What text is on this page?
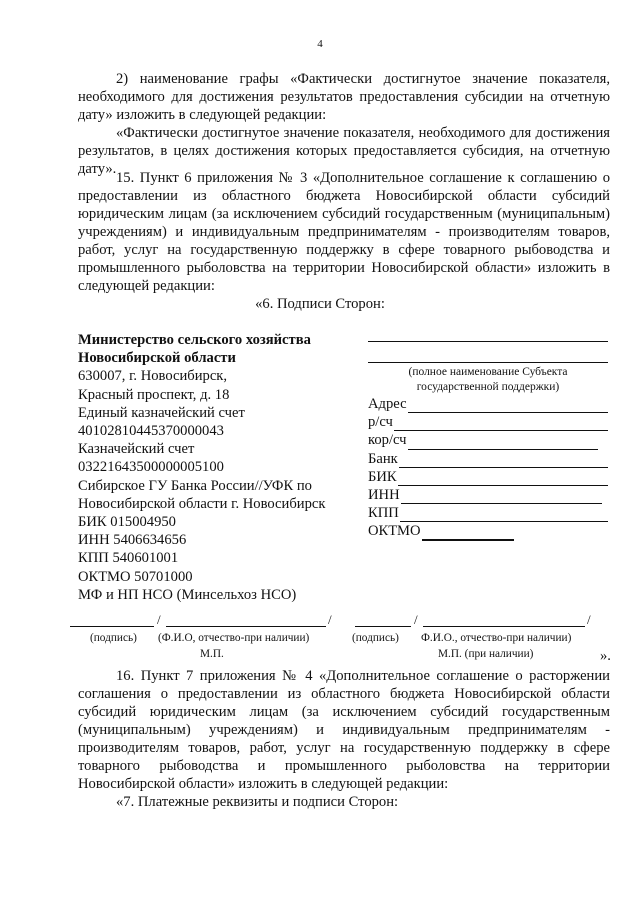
4

2) наименование графы «Фактически достигнутое значение показателя, необходимого для достижения результатов предоставления субсидии на отчетную дату» изложить в следующей редакции:

«Фактически достигнутое значение показателя, необходимого для достижения результатов, в целях достижения которых предоставляется субсидия, на отчетную дату».

15. Пункт 6 приложения № 3 «Дополнительное соглашение к соглашению о предоставлении из областного бюджета Новосибирской области субсидий юридическим лицам (за исключением субсидий государственным (муниципальным) учреждениям) и индивидуальным предпринимателям - производителям товаров, работ, услуг на государственную поддержку в сфере товарного рыбоводства и промышленного рыболовства на территории Новосибирской области» изложить в следующей редакции:

«6. Подписи Сторон:
Министерство сельского хозяйства
Новосибирской области
630007, г. Новосибирск,
Красный проспект, д. 18
Единый казначейский счет
40102810445370000043
Казначейский счет
03221643500000005100
Сибирское ГУ Банка России//УФК по
Новосибирской области г. Новосибирск
БИК 015004950
ИНН 5406634656
КПП 540601001
ОКТМО 50701000
МФ и НП НСО (Минсельхоз НСО)
(полное наименование Субъекта государственной поддержки)
Адрес
р/сч
кор/сч
Банк
БИК
ИНН
КПП
ОКТМО
/	/
(подпись) (Ф.И.О, отчество-при наличии)
М.П.
/	/
(подпись) Ф.И.О., отчество-при наличии)
М.П. (при наличии)	».

16. Пункт 7 приложения № 4 «Дополнительное соглашение о расторжении соглашения о предоставлении из областного бюджета Новосибирской области субсидий юридическим лицам (за исключением субсидий государственным (муниципальным) учреждениям) и индивидуальным предпринимателям - производителям товаров, работ, услуг на государственную поддержку в сфере товарного рыбоводства и промышленного рыболовства на территории Новосибирской области» изложить в следующей редакции:

«7. Платежные реквизиты и подписи Сторон:
